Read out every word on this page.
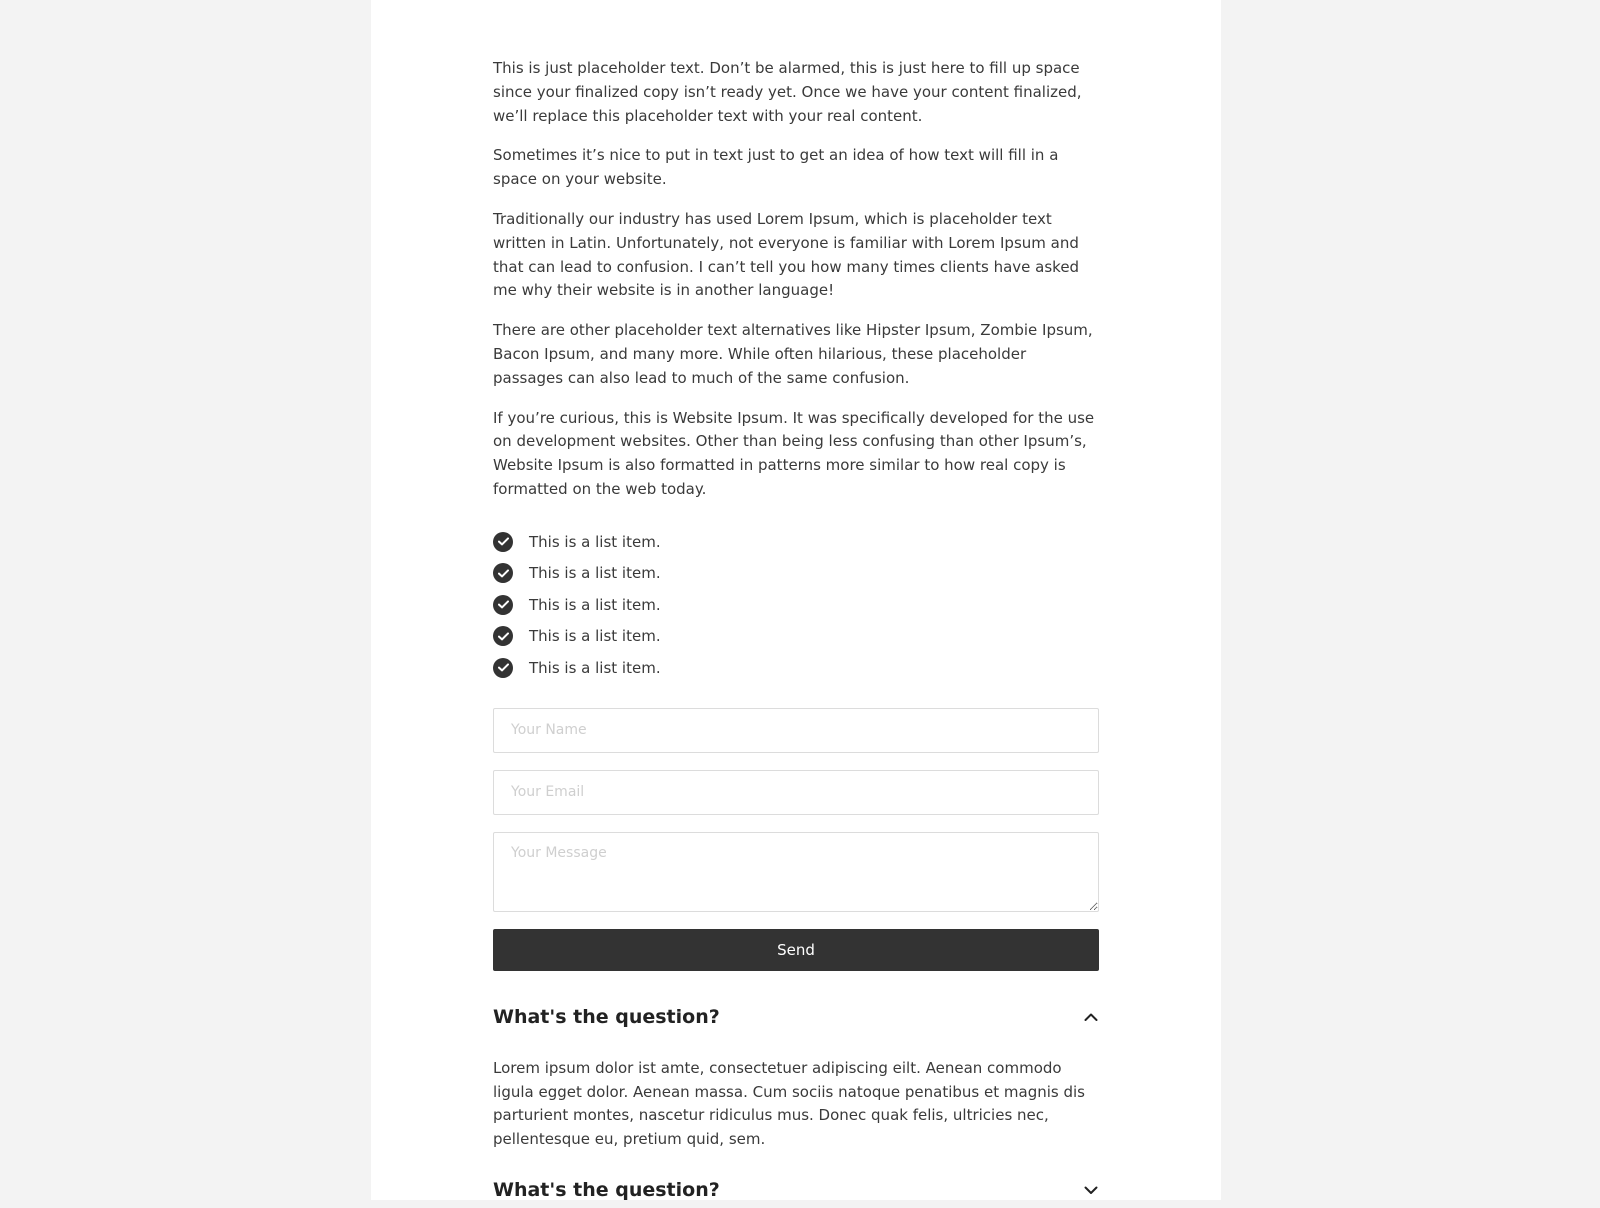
This is just placeholder text. Don’t be alarmed, this is just here to fill up space since your finalized copy isn’t ready yet. Once we have your content finalized, we’ll replace this placeholder text with your real content.

Sometimes it’s nice to put in text just to get an idea of how text will fill in a space on your website.

Traditionally our industry has used Lorem Ipsum, which is placeholder text written in Latin. Unfortunately, not everyone is familiar with Lorem Ipsum and that can lead to confusion. I can’t tell you how many times clients have asked me why their website is in another language!

There are other placeholder text alternatives like Hipster Ipsum, Zombie Ipsum, Bacon Ipsum, and many more. While often hilarious, these placeholder passages can also lead to much of the same confusion.

If you’re curious, this is Website Ipsum. It was specifically developed for the use on development websites. Other than being less confusing than other Ipsum’s, Website Ipsum is also formatted in patterns more similar to how real copy is formatted on the web today.

This is a list item.
This is a list item.
This is a list item.
This is a list item.
This is a list item.
Your Name
Your Email
Your Message
Send
What's the question?

Lorem ipsum dolor ist amte, consectetuer adipiscing eilt. Aenean commodo ligula egget dolor. Aenean massa. Cum sociis natoque penatibus et magnis dis parturient montes, nascetur ridiculus mus. Donec quak felis, ultricies nec, pellentesque eu, pretium quid, sem.

What's the question?
